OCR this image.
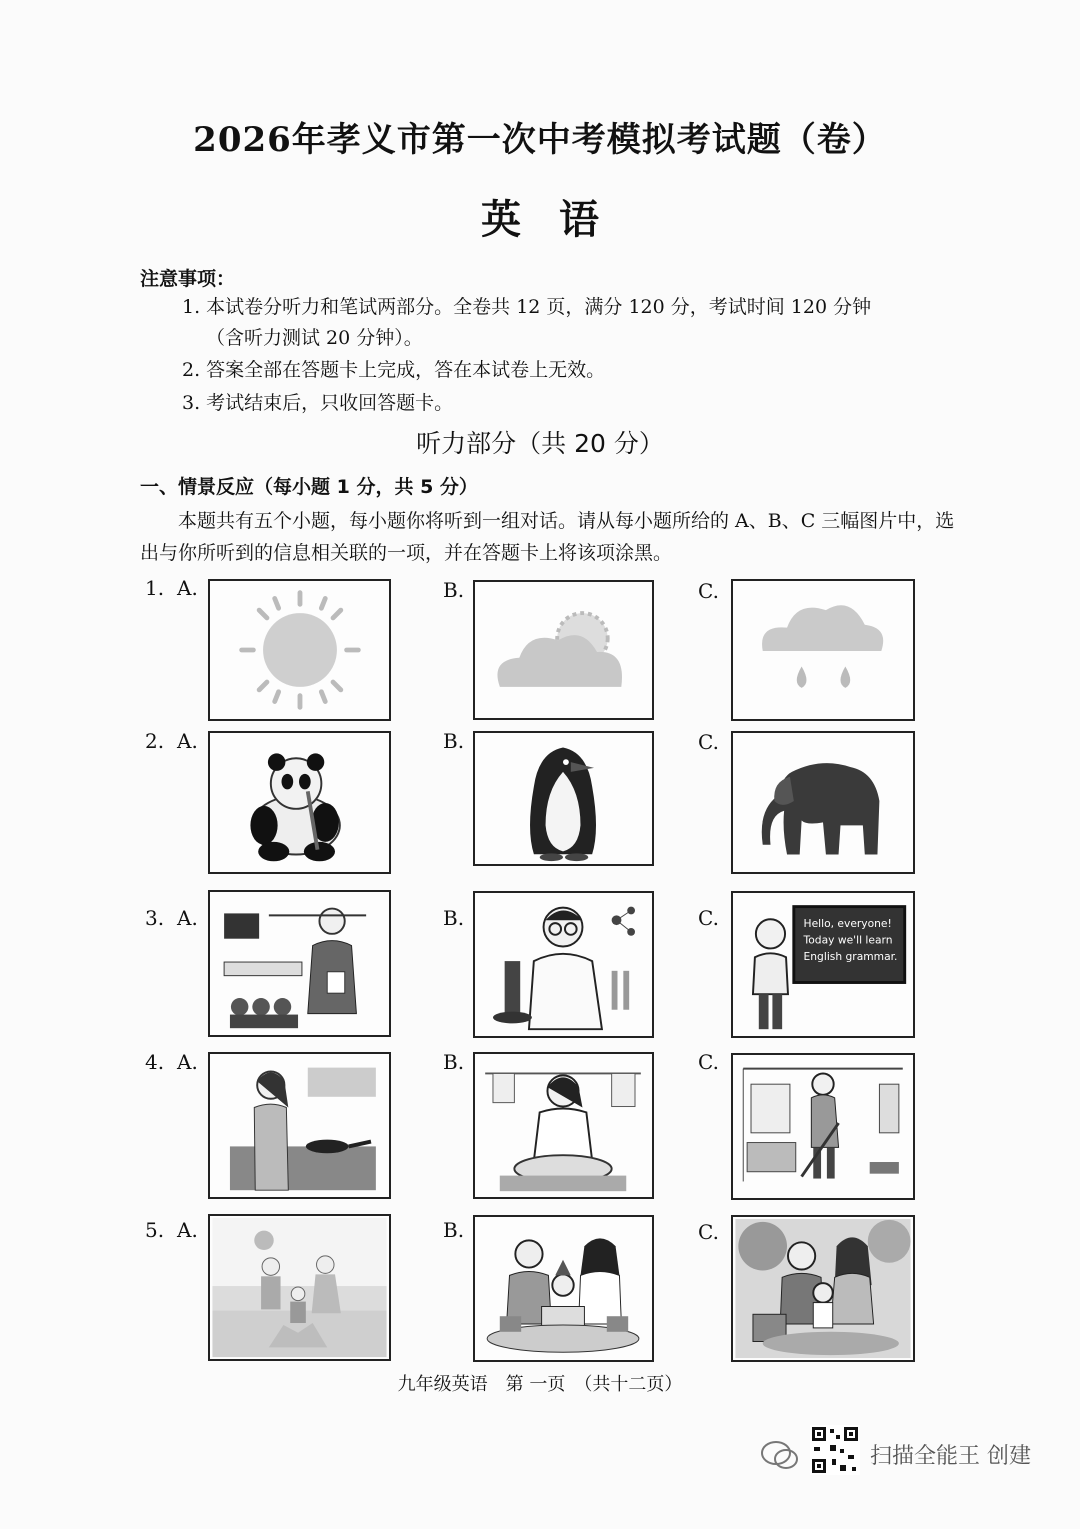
2026年孝义市第一次中考模拟考试题（卷）
英语
注意事项：
1. 本试卷分听力和笔试两部分。全卷共 12 页，满分 120 分，考试时间 120 分钟
（含听力测试 20 分钟）。
2. 答案全部在答题卡上完成，答在本试卷上无效。
3. 考试结束后，只收回答题卡。
听力部分（共 20 分）
一、情景反应（每小题 1 分，共 5 分）
本题共有五个小题，每小题你将听到一组对话。请从每小题所给的 A、B、C 三幅图片中，选出与你所听到的信息相关联的一项，并在答题卡上将该项涂黑。
1. A.	B.	C.
2. A.	B.	C.
3. A.	B.	C.	Hello, everyone!
Today we'll learn
English grammar.
4. A.	B.	C.
5. A.	B.	C.
九年级英语　第 一页　（共十二页）
扫描全能王 创建
